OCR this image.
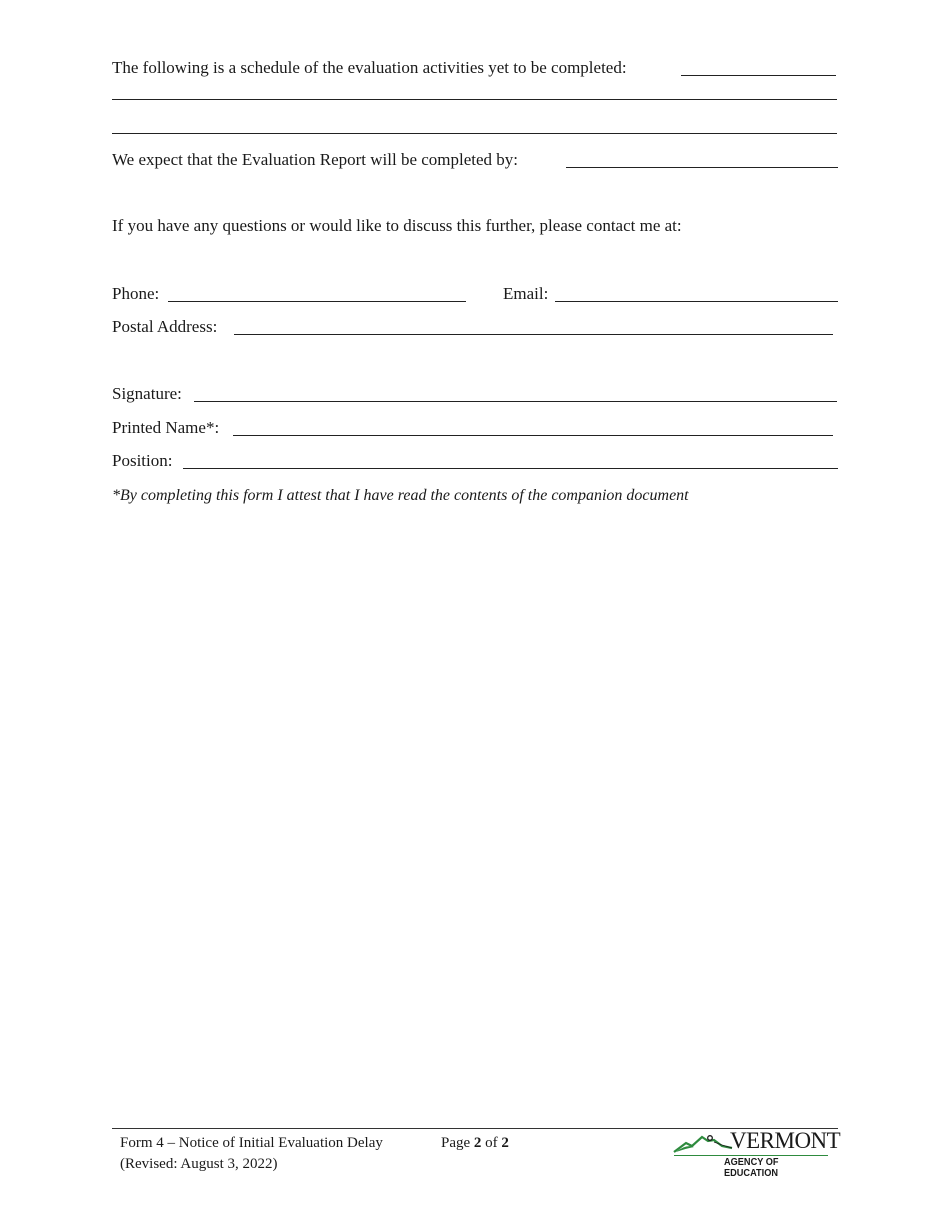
The following is a schedule of the evaluation activities yet to be completed:
We expect that the Evaluation Report will be completed by:
If you have any questions or would like to discuss this further, please contact me at:
Phone:	Email:
Postal Address:
Signature:
Printed Name*:
Position:
*By completing this form I attest that I have read the contents of the companion document
Form 4 – Notice of Initial Evaluation Delay
(Revised: August 3, 2022)
Page 2 of 2	VERMONT
AGENCY OF EDUCATION
